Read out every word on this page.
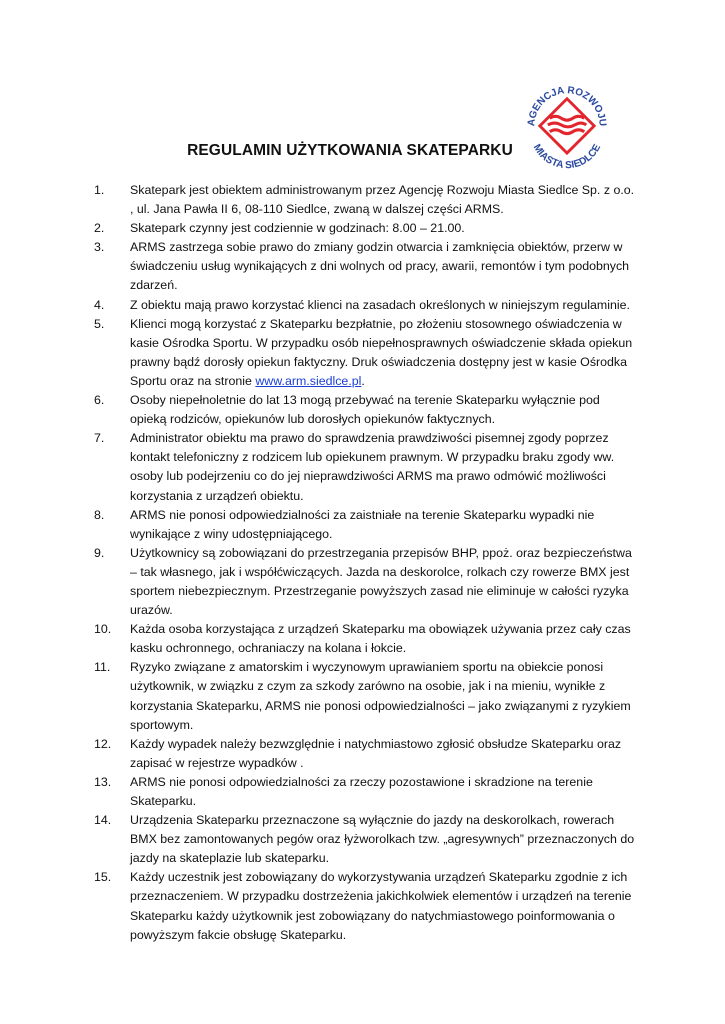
AGENCJA ROZWOJU
MIASTA SIEDLCE
REGULAMIN UŻYTKOWANIA SKATEPARKU
1.	Skatepark jest obiektem administrowanym przez Agencję Rozwoju Miasta Siedlce Sp. z o.o. , ul. Jana Pawła II 6, 08-110 Siedlce, zwaną w dalszej części ARMS.
2.	Skatepark czynny jest codziennie w godzinach: 8.00 – 21.00.
3.	ARMS zastrzega sobie prawo do zmiany godzin otwarcia i zamknięcia obiektów, przerw w świadczeniu usług wynikających z dni wolnych od pracy, awarii, remontów i tym podobnych zdarzeń.
4.	Z obiektu mają prawo korzystać klienci na zasadach określonych w niniejszym regulaminie.
5.	Klienci mogą korzystać z Skateparku bezpłatnie, po złożeniu stosownego oświadczenia w kasie Ośrodka Sportu. W przypadku osób niepełnosprawnych oświadczenie składa opiekun prawny bądź dorosły opiekun faktyczny. Druk oświadczenia dostępny jest w kasie Ośrodka Sportu oraz na stronie www.arm.siedlce.pl.
6.	Osoby niepełnoletnie do lat 13 mogą przebywać na terenie Skateparku wyłącznie pod opieką rodziców, opiekunów lub dorosłych opiekunów faktycznych.
7.	Administrator obiektu ma prawo do sprawdzenia prawdziwości pisemnej zgody poprzez kontakt telefoniczny z rodzicem lub opiekunem prawnym. W przypadku braku zgody ww. osoby lub podejrzeniu co do jej nieprawdziwości ARMS ma prawo odmówić możliwości korzystania z urządzeń obiektu.
8.	ARMS nie ponosi odpowiedzialności za zaistniałe na terenie Skateparku wypadki nie wynikające z winy udostępniającego.
9.	Użytkownicy są zobowiązani do przestrzegania przepisów BHP, ppoż. oraz bezpieczeństwa – tak własnego, jak i współćwiczących. Jazda na deskorolce, rolkach czy rowerze BMX jest sportem niebezpiecznym. Przestrzeganie powyższych zasad nie eliminuje w całości ryzyka urazów.
10.	Każda osoba korzystająca z urządzeń Skateparku ma obowiązek używania przez cały czas kasku ochronnego, ochraniaczy na kolana i łokcie.
11.	Ryzyko związane z amatorskim i wyczynowym uprawianiem sportu na obiekcie ponosi użytkownik, w związku z czym za szkody zarówno na osobie, jak i na mieniu, wynikłe z korzystania Skateparku, ARMS nie ponosi odpowiedzialności – jako związanymi z ryzykiem sportowym.
12.	Każdy wypadek należy bezwzględnie i natychmiastowo zgłosić obsłudze Skateparku oraz zapisać w rejestrze wypadków .
13.	ARMS nie ponosi odpowiedzialności za rzeczy pozostawione i skradzione na terenie Skateparku.
14.	Urządzenia Skateparku przeznaczone są wyłącznie do jazdy na deskorolkach, rowerach BMX bez zamontowanych pegów oraz łyżworolkach tzw. „agresywnych” przeznaczonych do jazdy na skateplazie lub skateparku.
15.	Każdy uczestnik jest zobowiązany do wykorzystywania urządzeń Skateparku zgodnie z ich przeznaczeniem. W przypadku dostrzeżenia jakichkolwiek elementów i urządzeń na terenie Skateparku każdy użytkownik jest zobowiązany do natychmiastowego poinformowania o powyższym fakcie obsługę Skateparku.
